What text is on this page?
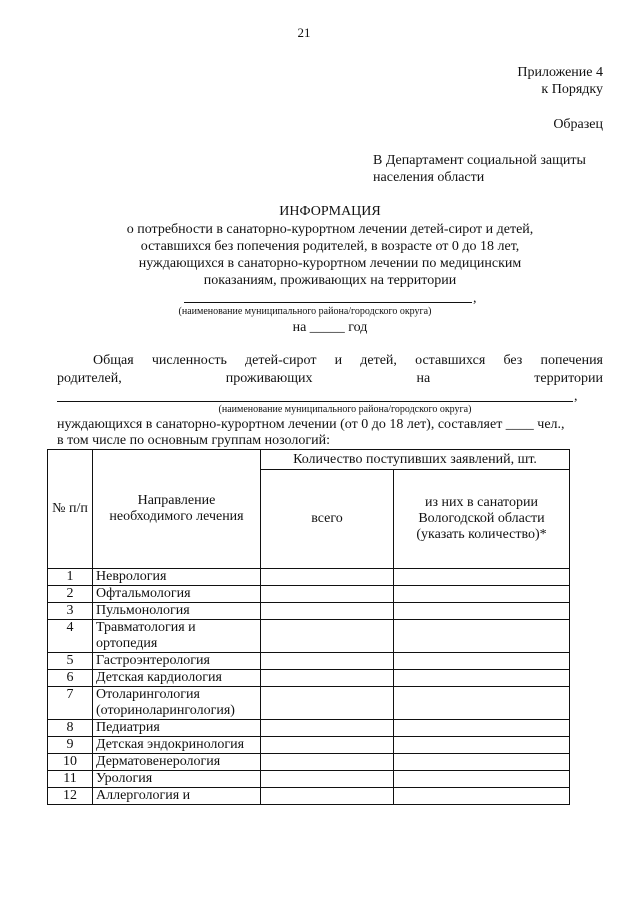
21
Приложение 4
к Порядку
Образец
В Департамент социальной защиты
населения области
ИНФОРМАЦИЯ
о потребности в санаторно-курортном лечении детей-сирот и детей,
оставшихся без попечения родителей, в возрасте от 0 до 18 лет,
нуждающихся в санаторно-курортном лечении по медицинским
показаниям, проживающих на территории
,
(наименование муниципального района/городского округа)
на _____ год
Общая численность детей-сирот и детей, оставшихся без попечения
родителей,	проживающих	на	территории
,
(наименование муниципального района/городского округа)
нуждающихся в санаторно-курортном лечении (от 0 до 18 лет), составляет ____ чел.,
в том числе по основным группам нозологий:
№ п/п	Направление необходимого лечения	Количество поступивших заявлений, шт.	
		всего	из них в санатории Вологодской области (указать количество)*
1	Неврология		
2	Офтальмология		
3	Пульмонология		
4	Травматология и ортопедия		
5	Гастроэнтерология		
6	Детская кардиология		
7	Отоларингология (оториноларингология)		
8	Педиатрия		
9	Детская эндокринология		
10	Дерматовенерология		
11	Урология		
12	Аллергология и		
